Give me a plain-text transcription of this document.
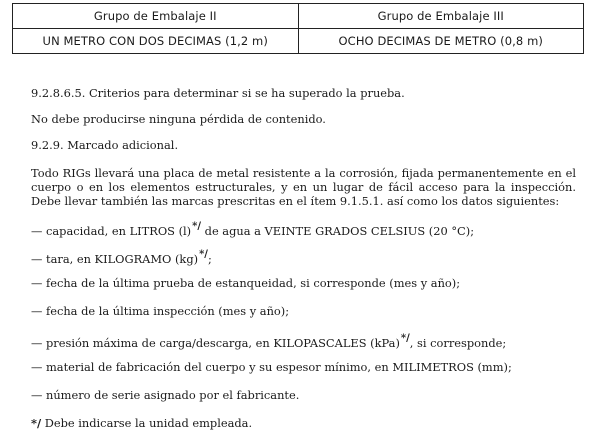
Grupo de Embalaje II	Grupo de Embalaje III
UN METRO CON DOS DECIMAS (1,2 m)	OCHO DECIMAS DE METRO (0,8 m)

9.2.8.6.5. Criterios para determinar si se ha superado la prueba.

No debe producirse ninguna pérdida de contenido.

9.2.9. Marcado adicional.

Todo RIGs llevará una placa de metal resistente a la corrosión, fijada permanentemente en el cuerpo o en los elementos estructurales, y en un lugar de fácil acceso para la inspección. Debe llevar también las marcas prescritas en el ítem 9.1.5.1. así como los datos siguientes:

— capacidad, en LITROS (l)*/ de agua a VEINTE GRADOS CELSIUS (20 °C);

— tara, en KILOGRAMO (kg)*/;

— fecha de la última prueba de estanqueidad, si corresponde (mes y año);

— fecha de la última inspección (mes y año);

— presión máxima de carga/descarga, en KILOPASCALES (kPa)*/, si corresponde;

— material de fabricación del cuerpo y su espesor mínimo, en MILIMETROS (mm);

— número de serie asignado por el fabricante.

*/ Debe indicarse la unidad empleada.
